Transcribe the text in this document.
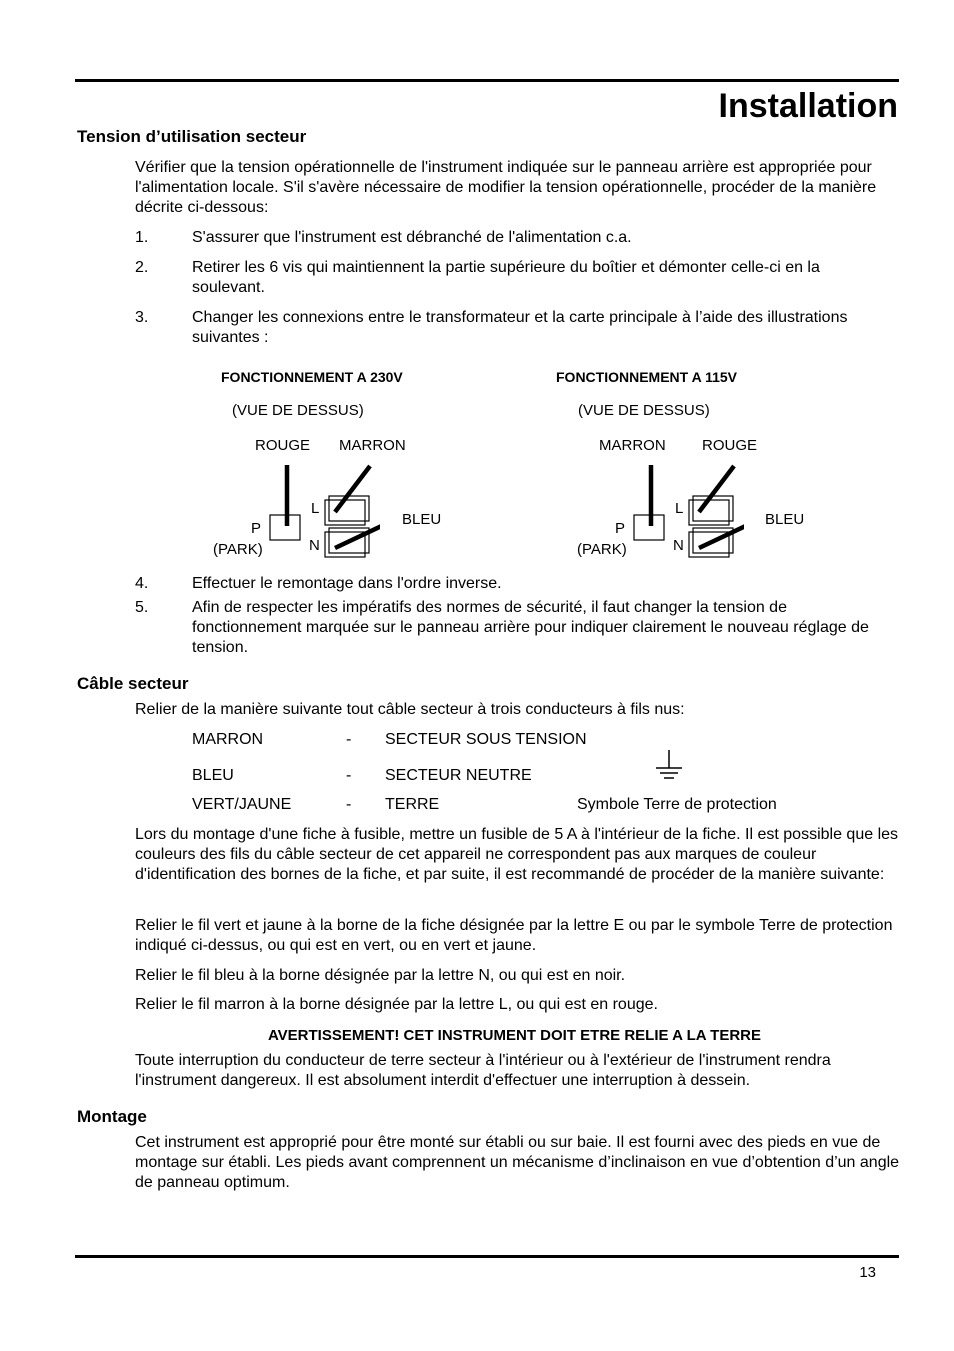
Installation
Tension d’utilisation secteur

Vérifier que la tension opérationnelle de l'instrument indiquée sur le panneau arrière est appropriée pour l'alimentation locale. S'il s'avère nécessaire de modifier la tension opérationnelle, procéder de la manière décrite ci-dessous:

1.	S'assurer que l'instrument est débranché de l'alimentation c.a.

2.	Retirer les 6 vis qui maintiennent la partie supérieure du boîtier et démonter celle-ci en la soulevant.

3.	Changer les connexions entre le transformateur et la carte principale à l’aide des illustrations suivantes :

FONCTIONNEMENT A 230V
(VUE DE DESSUS)
ROUGE MARRON
P
(PARK)
L
N
BLEU
FONCTIONNEMENT A 115V
(VUE DE DESSUS)
MARRON ROUGE
P
(PARK)
L
N
BLEU
4.	Effectuer le remontage dans l'ordre inverse.

5.	Afin de respecter les impératifs des normes de sécurité, il faut changer la tension de fonctionnement marquée sur le panneau arrière pour indiquer clairement le nouveau réglage de tension.

Câble secteur

Relier de la manière suivante tout câble secteur à trois conducteurs à fils nus:

MARRON	- SECTEUR SOUS TENSION
BLEU	- SECTEUR NEUTRE
VERT/JAUNE	- TERRE	Symbole Terre de protection

Lors du montage d'une fiche à fusible, mettre un fusible de 5 A à l'intérieur de la fiche. Il est possible que les couleurs des fils du câble secteur de cet appareil ne correspondent pas aux marques de couleur d'identification des bornes de la fiche, et par suite, il est recommandé de procéder de la manière suivante:

Relier le fil vert et jaune à la borne de la fiche désignée par la lettre E ou par le symbole Terre de protection indiqué ci-dessus, ou qui est en vert, ou en vert et jaune.

Relier le fil bleu à la borne désignée par la lettre N, ou qui est en noir.

Relier le fil marron à la borne désignée par la lettre L, ou qui est en rouge.

AVERTISSEMENT! CET INSTRUMENT DOIT ETRE RELIE A LA TERRE

Toute interruption du conducteur de terre secteur à l'intérieur ou à l'extérieur de l'instrument rendra l'instrument dangereux. Il est absolument interdit d'effectuer une interruption à dessein.

Montage

Cet instrument est approprié pour être monté sur établi ou sur baie. Il est fourni avec des pieds en vue de montage sur établi. Les pieds avant comprennent un mécanisme d’inclinaison en vue d’obtention d’un angle de panneau optimum.

13
